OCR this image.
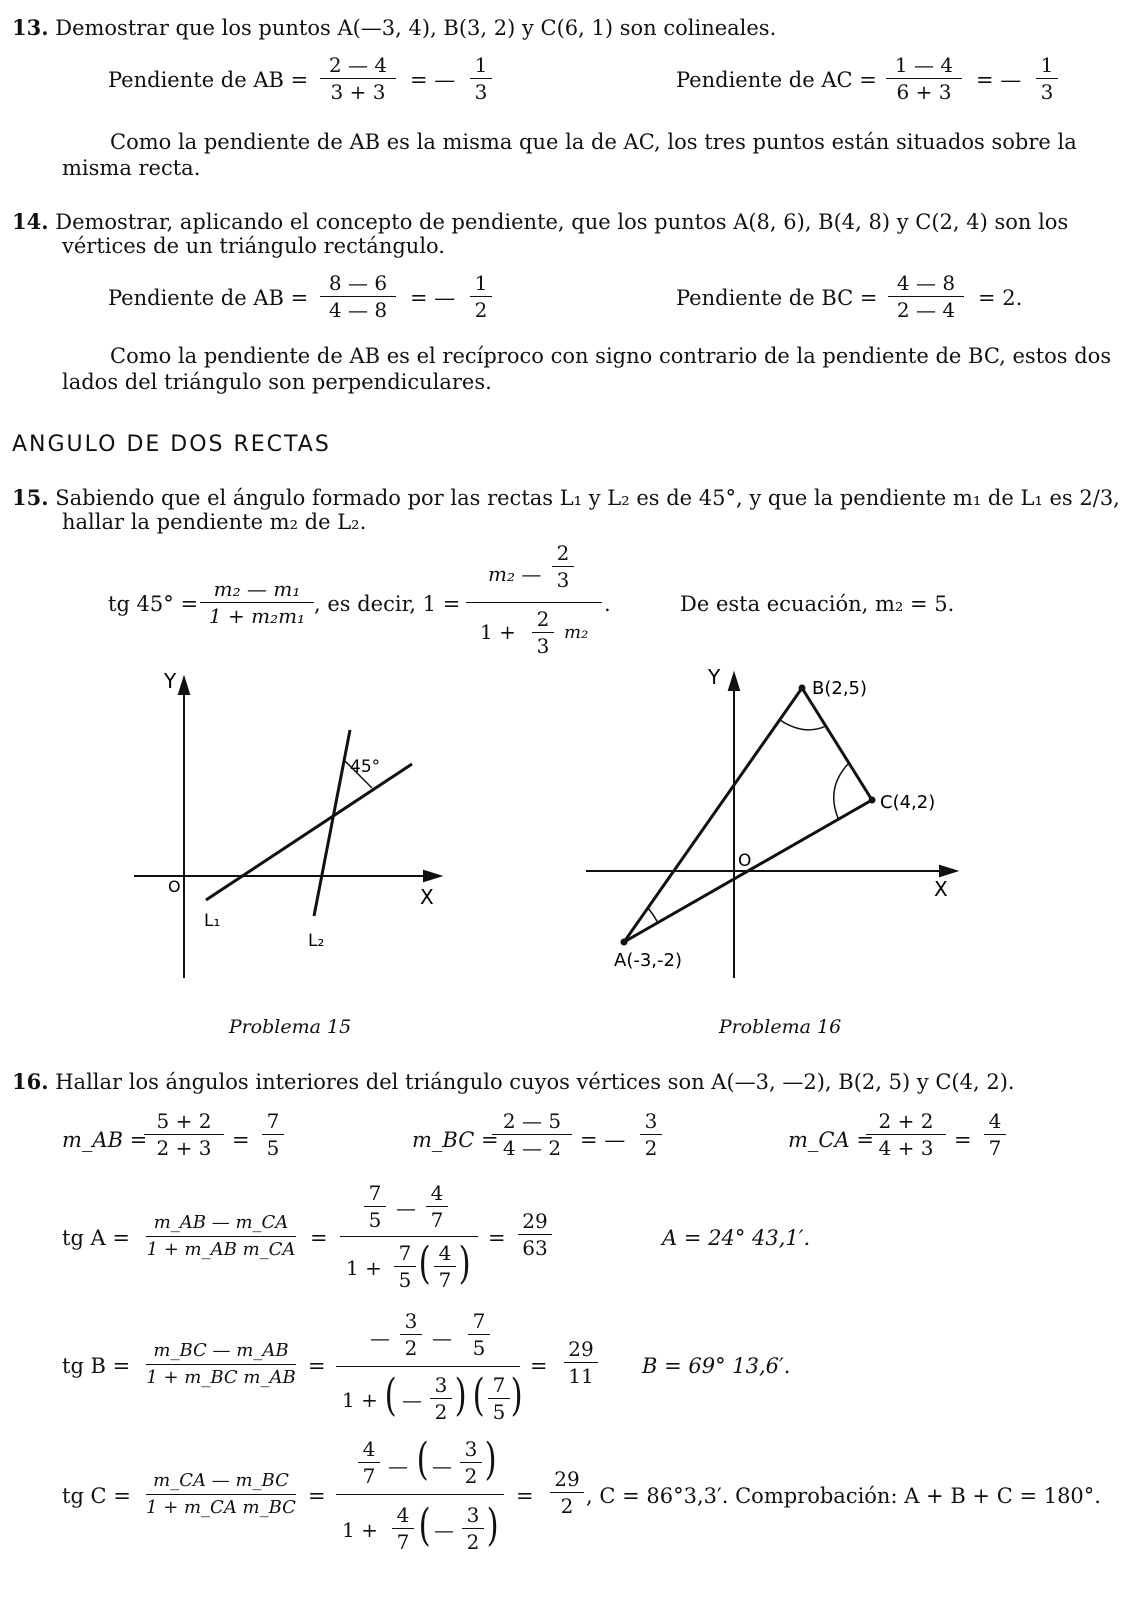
13. Demostrar que los puntos A(—3, 4), B(3, 2) y C(6, 1) son colineales.
Pendiente de AB =
2 — 4
3 + 3	= —
1
3	Pendiente de AC =
1 — 4
6 + 3	= —
1
3
Como la pendiente de AB es la misma que la de AC, los tres puntos están situados sobre la
misma recta.
14. Demostrar, aplicando el concepto de pendiente, que los puntos A(8, 6), B(4, 8) y C(2, 4) son los
vértices de un triángulo rectángulo.
Pendiente de AB =
8 — 6
4 — 8	= —
1
2	Pendiente de BC =
4 — 8
2 — 4	= 2.
Como la pendiente de AB es el recíproco con signo contrario de la pendiente de BC, estos dos
lados del triángulo son perpendiculares.
ANGULO DE DOS RECTAS
15. Sabiendo que el ángulo formado por las rectas L₁ y L₂ es de 45°, y que la pendiente m₁ de L₁ es 2/3,
hallar la pendiente m₂ de L₂.
tg 45° =
m₂ — m₁
1 + m₂m₁ , es decir, 1 =
m₂ —
2
3
1 +
2
3
m₂
.	De esta ecuación, m₂ = 5.
Y
X
O
45°
L₁
L₂
Problema 15
Y
X
O
B(2,5)
C(4,2)
A(-3,-2)
Problema 16
16. Hallar los ángulos interiores del triángulo cuyos vértices son A(—3, —2), B(2, 5) y C(4, 2).
m_AB =
5 + 2
2 + 3 =
7
5	m_BC =
2 — 5
4 — 2 = —
3
2	m_CA =
2 + 2
4 + 3 =
4
7
tg A =
m_AB — m_CA
1 + m_AB m_CA =
7
5 —
4
7
1 +
7
5 ( 4
7 ) =
29
63	A = 24° 43,1′.
tg B =
m_BC — m_AB
1 + m_BC m_AB =
—
3
2 —
7
5
1 + ( —
3
2 ) ( 7
5 )
=
29
11 B = 69° 13,6′.
tg C =
m_CA — m_BC
1 + m_CA m_BC =
4
7 — ( —
3
2 )
1 +
4
7 ( —
3
2 )
=
29
2 , C = 86°3,3′. Comprobación: A + B + C = 180°.
